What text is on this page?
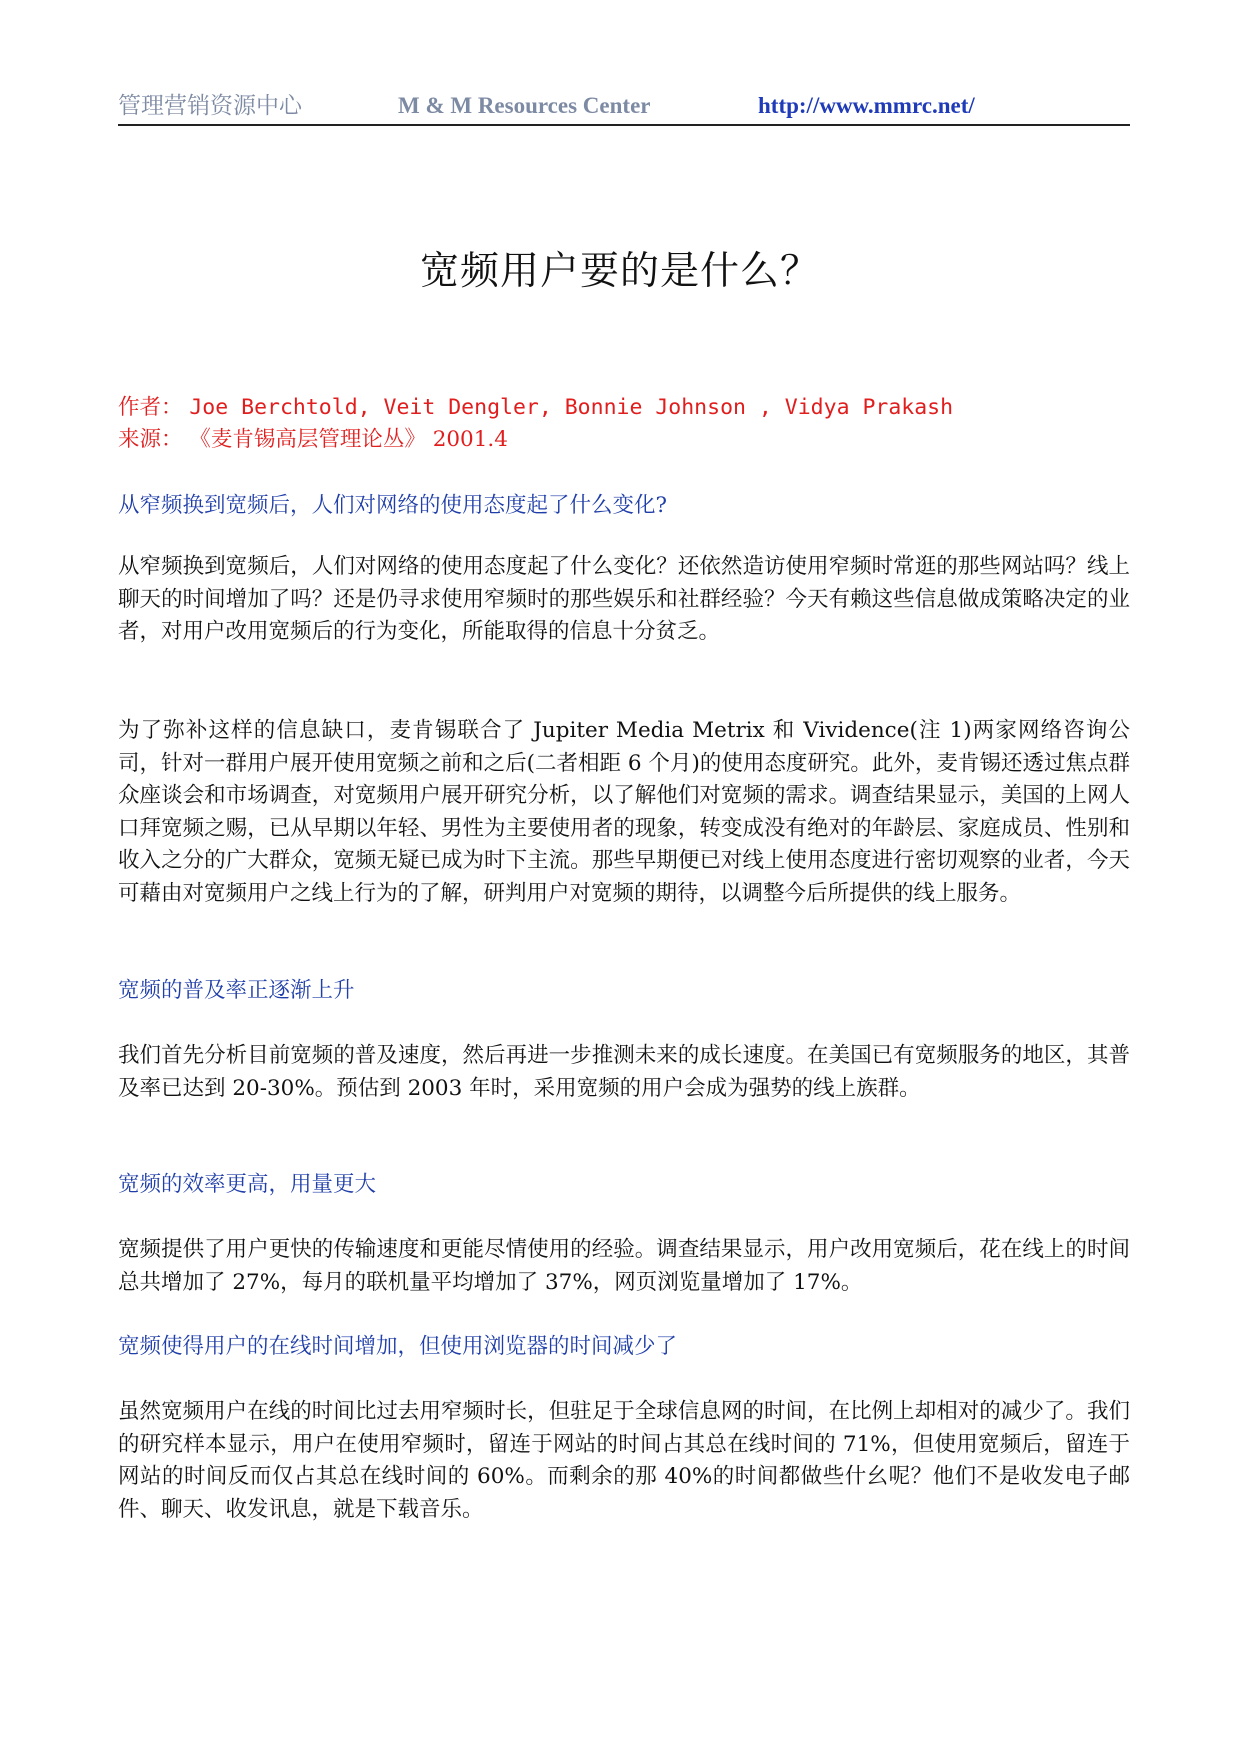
管理营销资源中心	M & M Resources Center	http://www.mmrc.net/
宽频用户要的是什么？
作者： Joe Berchtold, Veit Dengler, Bonnie Johnson , Vidya Prakash
来源： 《麦肯锡高层管理论丛》 2001.4
从窄频换到宽频后，人们对网络的使用态度起了什么变化?

从窄频换到宽频后，人们对网络的使用态度起了什么变化？还依然造访使用窄频时常逛的那些网站吗？线上聊天的时间增加了吗？还是仍寻求使用窄频时的那些娱乐和社群经验？今天有赖这些信息做成策略决定的业者，对用户改用宽频后的行为变化，所能取得的信息十分贫乏。

为了弥补这样的信息缺口，麦肯锡联合了 Jupiter Media Metrix 和 Vividence(注 1)两家网络咨询公司，针对一群用户展开使用宽频之前和之后(二者相距 6 个月)的使用态度研究。此外，麦肯锡还透过焦点群众座谈会和市场调查，对宽频用户展开研究分析，以了解他们对宽频的需求。调查结果显示，美国的上网人口拜宽频之赐，已从早期以年轻、男性为主要使用者的现象，转变成没有绝对的年龄层、家庭成员、性别和收入之分的广大群众，宽频无疑已成为时下主流。那些早期便已对线上使用态度进行密切观察的业者，今天可藉由对宽频用户之线上行为的了解，研判用户对宽频的期待，以调整今后所提供的线上服务。

宽频的普及率正逐渐上升

我们首先分析目前宽频的普及速度，然后再进一步推测未来的成长速度。在美国已有宽频服务的地区，其普及率已达到 20-30%。预估到 2003 年时，采用宽频的用户会成为强势的线上族群。

宽频的效率更高，用量更大

宽频提供了用户更快的传输速度和更能尽情使用的经验。调查结果显示，用户改用宽频后，花在线上的时间总共增加了 27%，每月的联机量平均增加了 37%，网页浏览量增加了 17%。

宽频使得用户的在线时间增加，但使用浏览器的时间减少了

虽然宽频用户在线的时间比过去用窄频时长，但驻足于全球信息网的时间，在比例上却相对的减少了。我们的研究样本显示，用户在使用窄频时，留连于网站的时间占其总在线时间的 71%，但使用宽频后，留连于网站的时间反而仅占其总在线时间的 60%。而剩余的那 40%的时间都做些什幺呢？他们不是收发电子邮件、聊天、收发讯息，就是下载音乐。
